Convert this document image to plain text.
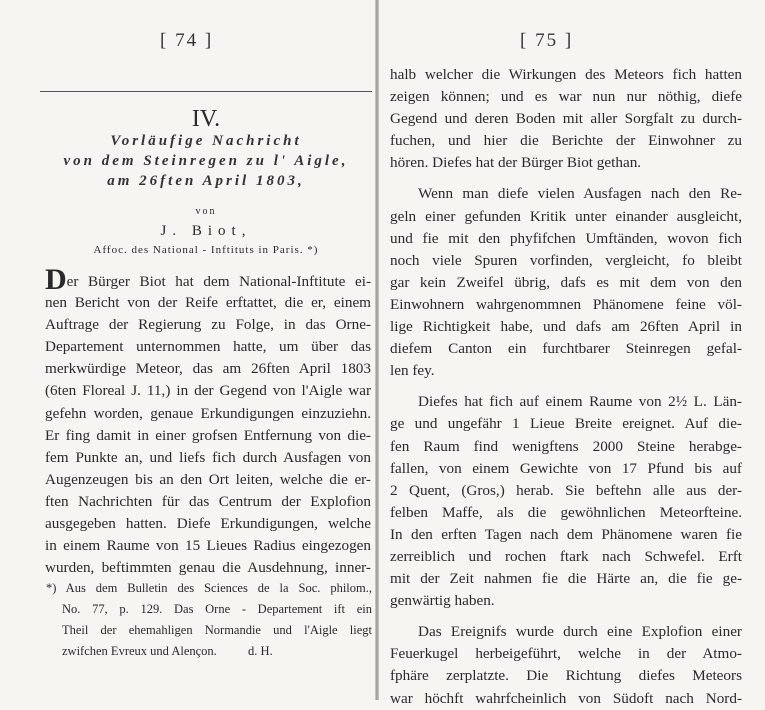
[ 74 ]
IV.
Vorläufige Nachricht
von dem Steinregen zu l' Aigle,
am 26ften April 1803,
von
J. Biot,
Affoc. des National - Inftituts in Paris. *)
Der Bürger Biot hat dem National-Inftitute ei-
nen Bericht von der Reife erftattet, die er, einem
Auftrage der Regierung zu Folge, in das Orne-
Departement unternommen hatte, um über das
merkwürdige Meteor, das am 26ften April 1803
(6ten Floreal J. 11,) in der Gegend von l'Aigle war
gefehn worden, genaue Erkundigungen einzuziehn.
Er fing damit in einer grofsen Entfernung von die-
fem Punkte an, und liefs fich durch Ausfagen von
Augenzeugen bis an den Ort leiten, welche die er-
ften Nachrichten für das Centrum der Explofion
ausgegeben hatten. Diefe Erkundigungen, welche
in einem Raume von 15 Lieues Radius eingezogen
wurden, beftimmten genau die Ausdehnung, inner-
*) Aus dem Bulletin des Sciences de la Soc. philom.,
No. 77, p. 129. Das Orne - Departement ift ein
Theil der ehemahligen Normandie und l'Aigle liegt
zwifchen Evreux und Alençon.          d. H.
[ 75 ]
halb welcher die Wirkungen des Meteors fich hatten
zeigen können; und es war nun nur nöthig, diefe
Gegend und deren Boden mit aller Sorgfalt zu durch-
fuchen, und hier die Berichte der Einwohner zu
hören. Diefes hat der Bürger Biot gethan.
Wenn man diefe vielen Ausfagen nach den Re-
geln einer gefunden Kritik unter einander ausgleicht,
und fie mit den phyfifchen Umftänden, wovon fich
noch viele Spuren vorfinden, vergleicht, fo bleibt
gar kein Zweifel übrig, dafs es mit dem von den
Einwohnern wahrgenommnen Phänomene feine völ-
lige Richtigkeit habe, und dafs am 26ften April in
diefem Canton ein furchtbarer Steinregen gefal-
len fey.
Diefes hat fich auf einem Raume von 2½ L. Län-
ge und ungefähr 1 Lieue Breite ereignet. Auf die-
fen Raum find wenigftens 2000 Steine herabge-
fallen, von einem Gewichte von 17 Pfund bis auf
2 Quent, (Gros,) herab. Sie beftehn alle aus der-
felben Maffe, als die gewöhnlichen Meteorfteine.
In den erften Tagen nach dem Phänomene waren fie
zerreiblich und rochen ftark nach Schwefel. Erft
mit der Zeit nahmen fie die Härte an, die fie ge-
genwärtig haben.
Das Ereignifs wurde durch eine Explofion einer
Feuerkugel herbeigeführt, welche in der Atmo-
fphäre zerplatzte. Die Richtung diefes Meteors
war höchft wahrfcheinlich von Südoft nach Nord-
